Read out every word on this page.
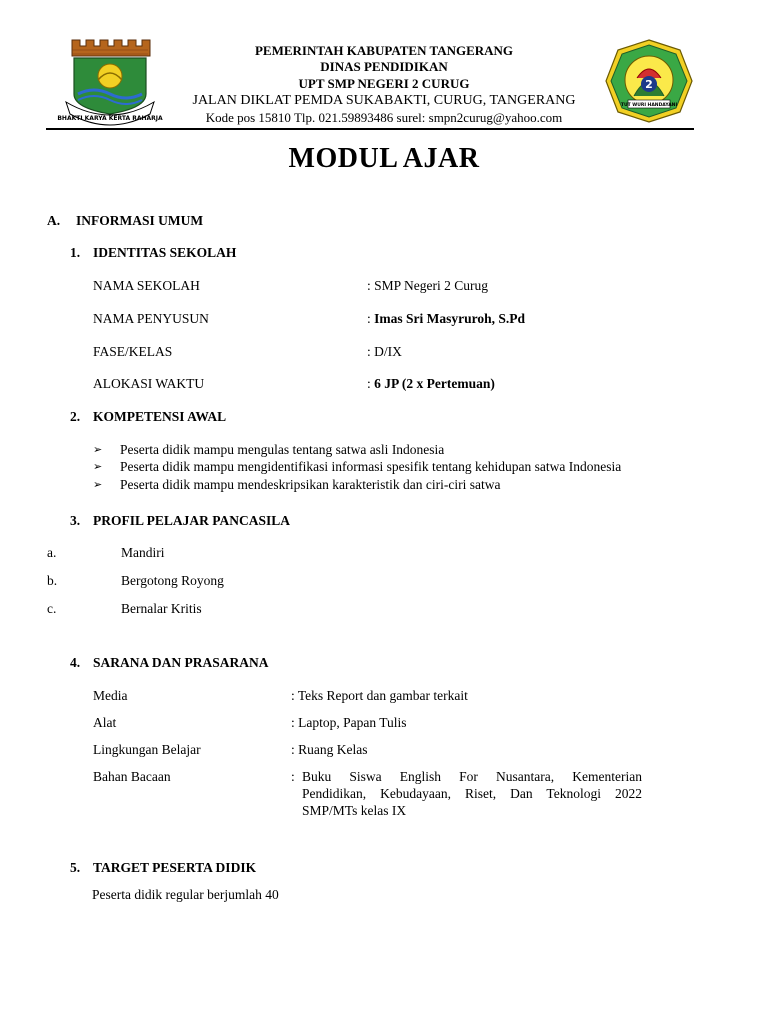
BHAKTI KARYA KERTA RAHARJA
2
TUT WURI HANDAYANI
PEMERINTAH KABUPATEN TANGERANG
DINAS PENDIDIKAN
UPT SMP NEGERI 2 CURUG
JALAN DIKLAT PEMDA SUKABAKTI, CURUG, TANGERANG
Kode pos 15810 Tlp. 021.59893486 surel: smpn2curug@yahoo.com
MODUL AJAR
A. INFORMASI UMUM
1. IDENTITAS SEKOLAH
NAMA SEKOLAH	: SMP Negeri 2 Curug
NAMA PENYUSUN	: Imas Sri Masyruroh, S.Pd
FASE/KELAS	: D/IX
ALOKASI WAKTU	: 6 JP (2 x Pertemuan)
2. KOMPETENSI AWAL
➢ Peserta didik mampu mengulas tentang satwa asli Indonesia
➢ Peserta didik mampu mengidentifikasi informasi spesifik tentang kehidupan satwa Indonesia
➢ Peserta didik mampu mendeskripsikan karakteristik dan ciri-ciri satwa
3. PROFIL PELAJAR PANCASILA
a.	Mandiri
b.	Bergotong Royong
c.	Bernalar Kritis
4. SARANA DAN PRASARANA
Media	: Teks Report dan gambar terkait
Alat	: Laptop, Papan Tulis
Lingkungan Belajar	: Ruang Kelas
Bahan Bacaan	: Buku Siswa English For Nusantara, Kementerian
Pendidikan, Kebudayaan, Riset, Dan Teknologi 2022
SMP/MTs kelas IX
5. TARGET PESERTA DIDIK
Peserta didik regular berjumlah 40
